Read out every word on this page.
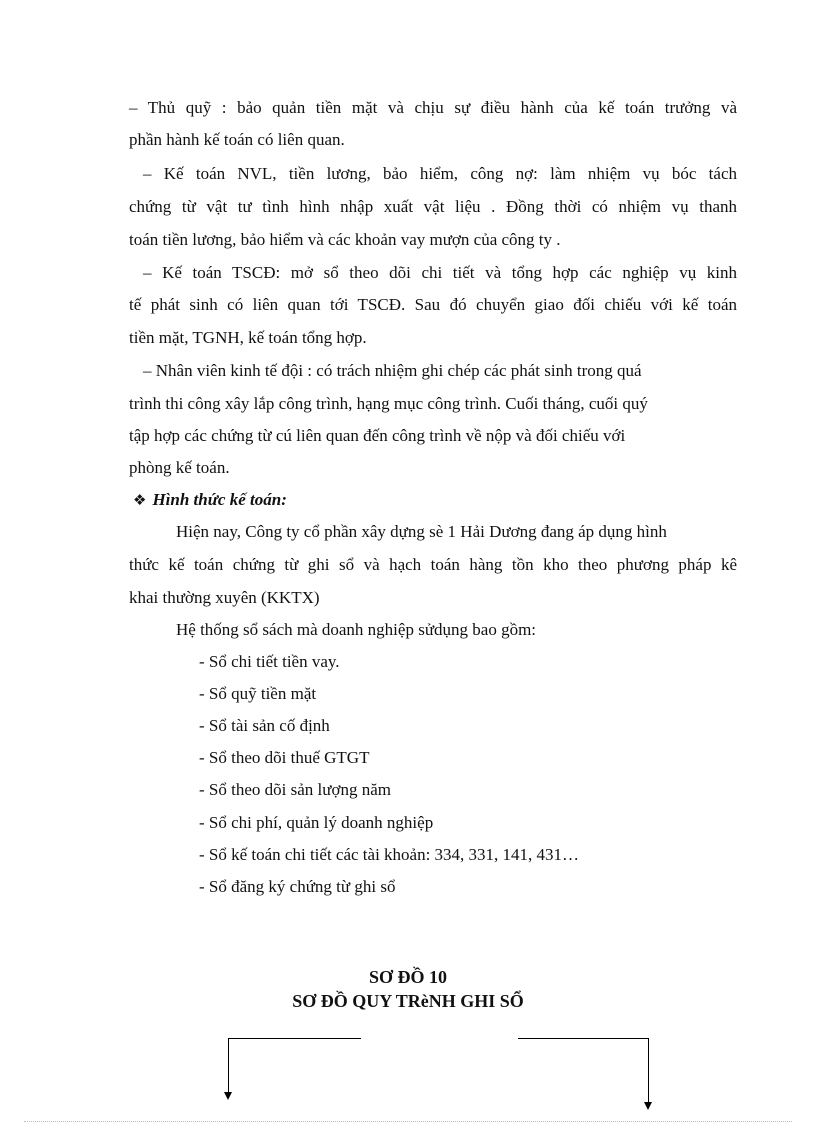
– Thủ quỹ : bảo quản tiền mặt và chịu sự điều hành của kế toán trưởng và
phần hành kế toán có liên quan.
– Kế toán NVL, tiền lương, bảo hiểm, công nợ: làm nhiệm vụ bóc tách
chứng từ vật tư tình hình nhập xuất vật liệu . Đồng thời có nhiệm vụ thanh
toán tiền lương, bảo hiểm và các khoản vay mượn của công ty .
– Kế toán TSCĐ: mở sổ theo dõi chi tiết và tổng hợp các nghiệp vụ kinh
tế phát sinh có liên quan tới TSCĐ. Sau đó chuyển giao đối chiếu với kế toán
tiền mặt, TGNH, kế toán tổng hợp.
– Nhân viên kinh tế đội : có trách nhiệm ghi chép các phát sinh trong quá
trình thi công xây lắp công trình, hạng mục công trình. Cuối tháng, cuối quý
tập hợp các chứng từ cú liên quan đến công trình về nộp và đối chiếu với
phòng kế toán.
❖ Hình thức kế toán:
Hiện nay, Công ty cổ phần xây dựng sè 1 Hải Dương đang áp dụng hình
thức kế toán chứng từ ghi sổ và hạch toán hàng tồn kho theo phương pháp kê
khai thường xuyên (KKTX)
Hệ thống sổ sách mà doanh nghiệp sửdụng bao gồm:
- Sổ chi tiết tiền vay.
- Sổ quỹ tiền mặt
- Sổ tài sản cố định
- Sổ theo dõi thuế GTGT
- Sổ theo dõi sản lượng năm
- Sổ chi phí, quản lý doanh nghiệp
- Sổ kế toán chi tiết các tài khoản: 334, 331, 141, 431…
- Sổ đăng ký chứng từ ghi sổ
SƠ ĐỒ 10
SƠ ĐỒ QUY TRèNH GHI SỔ
